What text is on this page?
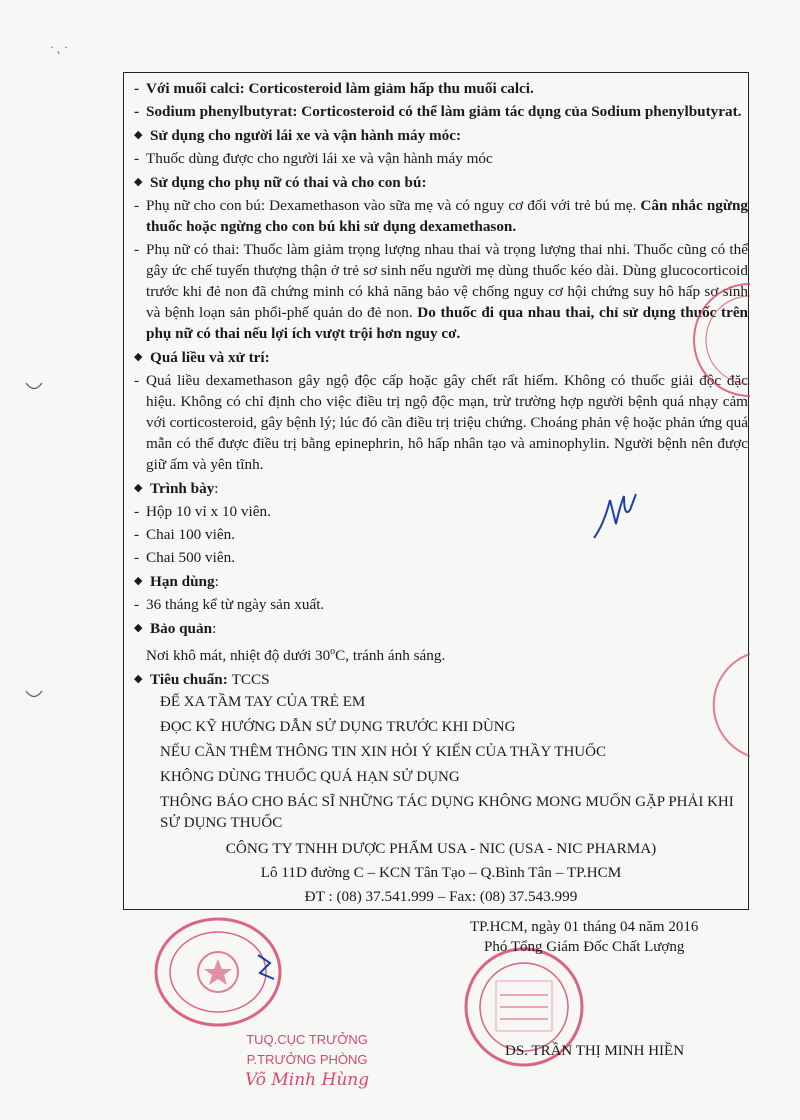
· ˛ ·

- Với muối calci: Corticosteroid làm giảm hấp thu muối calci.

- Sodium phenylbutyrat: Corticosteroid có thể làm giảm tác dụng của Sodium phenylbutyrat.

◆ Sử dụng cho người lái xe và vận hành máy móc:

- Thuốc dùng được cho người lái xe và vận hành máy móc

◆ Sử dụng cho phụ nữ có thai và cho con bú:

- Phụ nữ cho con bú: Dexamethason vào sữa mẹ và có nguy cơ đối với trẻ bú mẹ. Cân nhắc ngừng thuốc hoặc ngừng cho con bú khi sử dụng dexamethason.

- Phụ nữ có thai: Thuốc làm giảm trọng lượng nhau thai và trọng lượng thai nhi. Thuốc cũng có thể gây ức chế tuyến thượng thận ở trẻ sơ sinh nếu người mẹ dùng thuốc kéo dài. Dùng glucocorticoid trước khi đẻ non đã chứng minh có khả năng bảo vệ chống nguy cơ hội chứng suy hô hấp sơ sinh và bệnh loạn sản phổi-phế quản do đẻ non. Do thuốc đi qua nhau thai, chỉ sử dụng thuốc trên phụ nữ có thai nếu lợi ích vượt trội hơn nguy cơ.

◆ Quá liều và xử trí:

- Quá liều dexamethason gây ngộ độc cấp hoặc gây chết rất hiếm. Không có thuốc giải độc đặc hiệu. Không có chỉ định cho việc điều trị ngộ độc mạn, trừ trường hợp người bệnh quá nhạy cảm với corticosteroid, gây bệnh lý; lúc đó cần điều trị triệu chứng. Choáng phản vệ hoặc phản ứng quá mẫn có thể được điều trị bằng epinephrin, hô hấp nhân tạo và aminophylin. Người bệnh nên được giữ ấm và yên tĩnh.

◆ Trình bày:

- Hộp 10 vỉ x 10 viên.

- Chai 100 viên.

- Chai 500 viên.

◆ Hạn dùng:

- 36 tháng kể từ ngày sản xuất.

◆ Bảo quản:

Nơi khô mát, nhiệt độ dưới 30$^o$C, tránh ánh sáng.

◆ Tiêu chuẩn: TCCS

ĐỂ XA TẦM TAY CỦA TRẺ EM

ĐỌC KỸ HƯỚNG DẪN SỬ DỤNG TRƯỚC KHI DÙNG

NẾU CẦN THÊM THÔNG TIN XIN HỎI Ý KIẾN CỦA THẦY THUỐC

KHÔNG DÙNG THUỐC QUÁ HẠN SỬ DỤNG

THÔNG BÁO CHO BÁC SĨ NHỮNG TÁC DỤNG KHÔNG MONG MUỐN GẶP PHẢI KHI SỬ DỤNG THUỐC

CÔNG TY TNHH DƯỢC PHẨM USA - NIC (USA - NIC PHARMA)

Lô 11D đường C – KCN Tân Tạo – Q.Bình Tân – TP.HCM

ĐT : (08) 37.541.999 – Fax: (08) 37.543.999

TP.HCM, ngày 01 tháng 04 năm 2016

Phó Tổng Giám Đốc Chất Lượng

DS. TRẦN THỊ MINH HIỀN
TUQ.CỤC TRƯỞNG
P.TRƯỞNG PHÒNG
Võ Minh Hùng
